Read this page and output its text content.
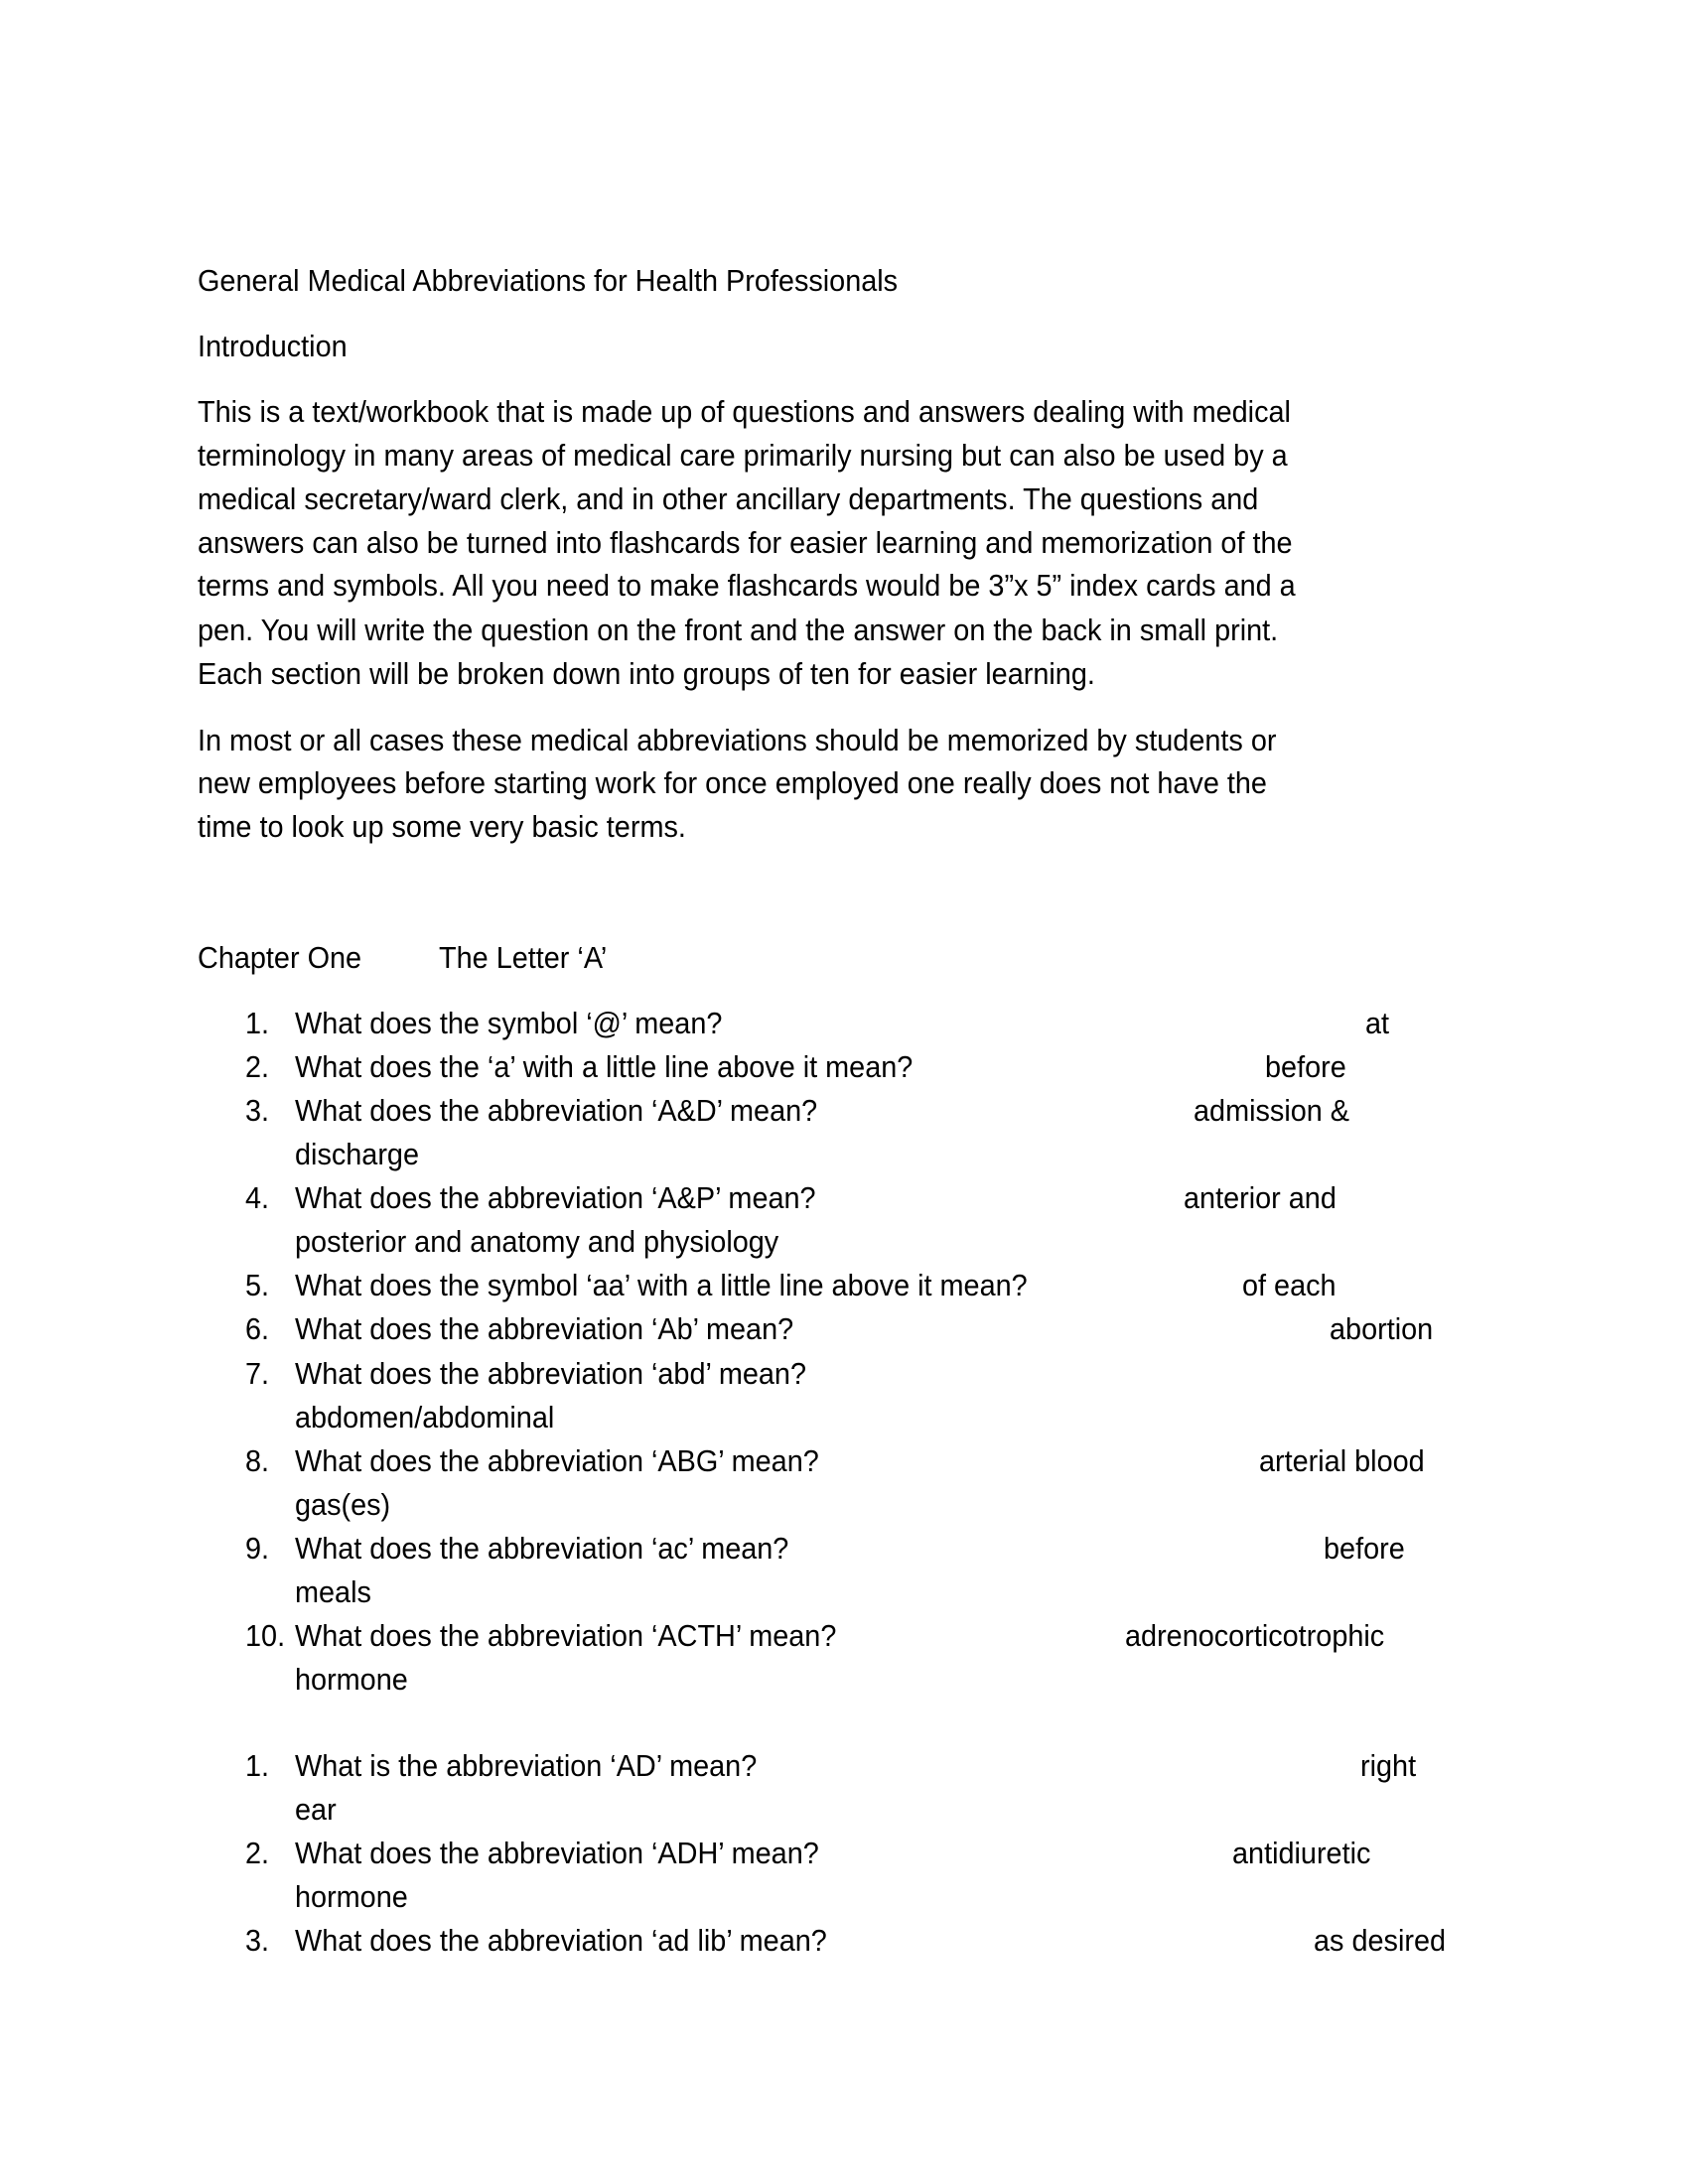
General Medical Abbreviations for Health Professionals
Introduction
This is a text/workbook that is made up of questions and answers dealing with medical
terminology in many areas of medical care primarily nursing but can also be used by a
medical secretary/ward clerk, and in other ancillary departments. The questions and
answers can also be turned into flashcards for easier learning and memorization of the
terms and symbols. All you need to make flashcards would be 3”x 5” index cards and a
pen. You will write the question on the front and the answer on the back in small print.
Each section will be broken down into groups of ten for easier learning.
In most or all cases these medical abbreviations should be memorized by students or
new employees before starting work for once employed one really does not have the
time to look up some very basic terms.
Chapter One	The Letter ‘A’
1. What does the symbol ‘@’ mean?	at
2. What does the ‘a’ with a little line above it mean?	before
3. What does the abbreviation ‘A&D’ mean?	admission &
discharge
4. What does the abbreviation ‘A&P’ mean?	anterior and
posterior and anatomy and physiology
5. What does the symbol ‘aa’ with a little line above it mean?	of each
6. What does the abbreviation ‘Ab’ mean?	abortion
7. What does the abbreviation ‘abd’ mean?
abdomen/abdominal
8. What does the abbreviation ‘ABG’ mean?	arterial blood
gas(es)
9. What does the abbreviation ‘ac’ mean?	before
meals
10. What does the abbreviation ‘ACTH’ mean?	adrenocorticotrophic
hormone
1. What is the abbreviation ‘AD’ mean?	right
ear
2. What does the abbreviation ‘ADH’ mean?	antidiuretic
hormone
3. What does the abbreviation ‘ad lib’ mean?	as desired
